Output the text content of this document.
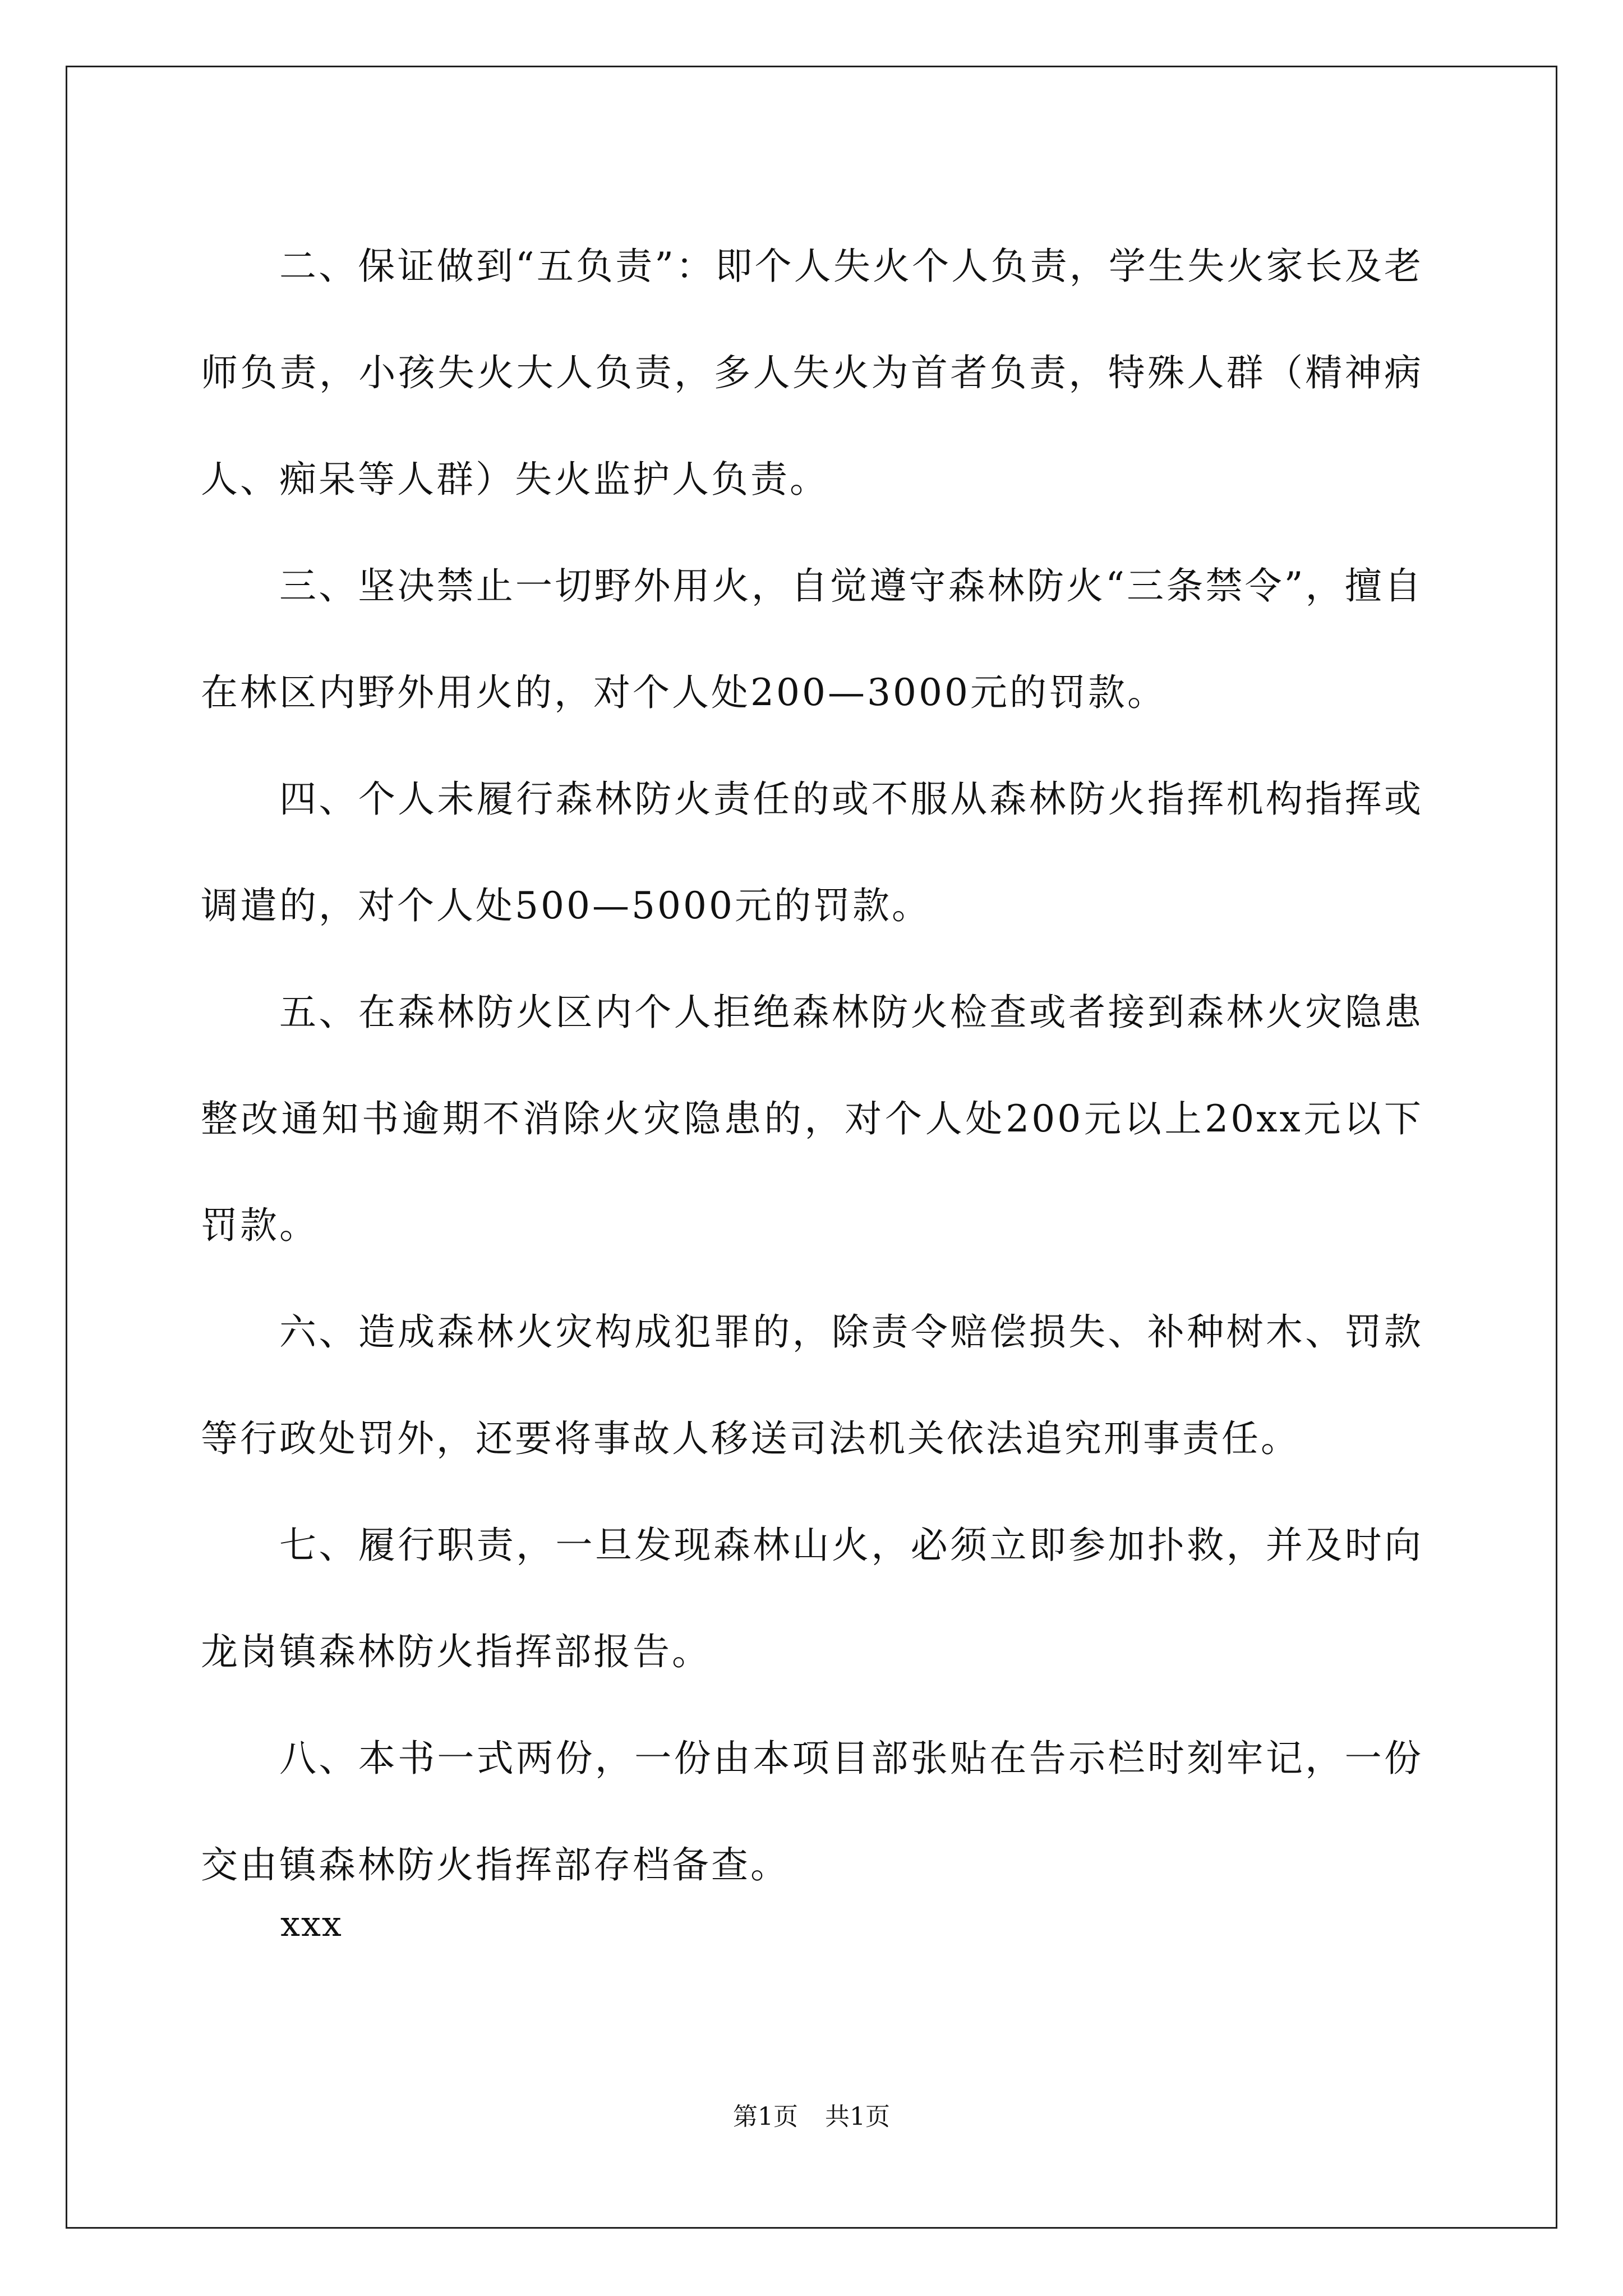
二、保证做到“五负责”：即个人失火个人负责，学生失火家长及老师负责，小孩失火大人负责，多人失火为首者负责，特殊人群（精神病人、痴呆等人群）失火监护人负责。

三、坚决禁止一切野外用火，自觉遵守森林防火“三条禁令”，擅自在林区内野外用火的，对个人处200—3000元的罚款。

四、个人未履行森林防火责任的或不服从森林防火指挥机构指挥或调遣的，对个人处500—5000元的罚款。

五、在森林防火区内个人拒绝森林防火检查或者接到森林火灾隐患整改通知书逾期不消除火灾隐患的，对个人处200元以上20xx元以下罚款。

六、造成森林火灾构成犯罪的，除责令赔偿损失、补种树木、罚款等行政处罚外，还要将事故人移送司法机关依法追究刑事责任。

七、履行职责，一旦发现森林山火，必须立即参加扑救，并及时向龙岗镇森林防火指挥部报告。

八、本书一式两份，一份由本项目部张贴在告示栏时刻牢记，一份交由镇森林防火指挥部存档备查。

xxx
第1页 共1页
